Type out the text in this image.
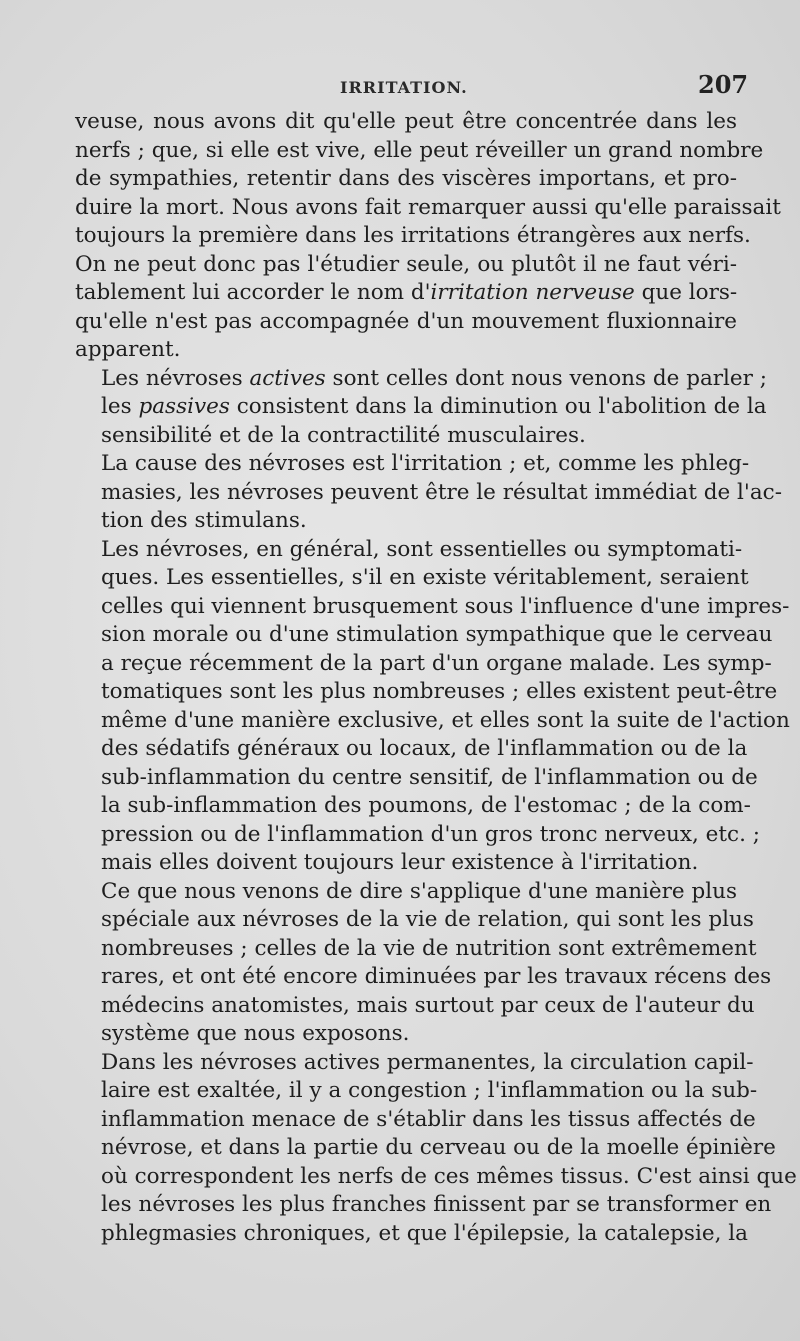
IRRITATION.	207

veuse, nous avons dit qu'elle peut être concentrée dans les
nerfs ; que, si elle est vive, elle peut réveiller un grand nombre
de sympathies, retentir dans des viscères importans, et pro-
duire la mort. Nous avons fait remarquer aussi qu'elle paraissait
toujours la première dans les irritations étrangères aux nerfs.
On ne peut donc pas l'étudier seule, ou plutôt il ne faut véri-
tablement lui accorder le nom d'irritation nerveuse que lors-
qu'elle n'est pas accompagnée d'un mouvement fluxionnaire
apparent.

Les névroses actives sont celles dont nous venons de parler ;
les passives consistent dans la diminution ou l'abolition de la
sensibilité et de la contractilité musculaires.

La cause des névroses est l'irritation ; et, comme les phleg-
masies, les névroses peuvent être le résultat immédiat de l'ac-
tion des stimulans.

Les névroses, en général, sont essentielles ou symptomati-
ques. Les essentielles, s'il en existe véritablement, seraient
celles qui viennent brusquement sous l'influence d'une impres-
sion morale ou d'une stimulation sympathique que le cerveau
a reçue récemment de la part d'un organe malade. Les symp-
tomatiques sont les plus nombreuses ; elles existent peut-être
même d'une manière exclusive, et elles sont la suite de l'action
des sédatifs généraux ou locaux, de l'inflammation ou de la
sub-inflammation du centre sensitif, de l'inflammation ou de
la sub-inflammation des poumons, de l'estomac ; de la com-
pression ou de l'inflammation d'un gros tronc nerveux, etc. ;
mais elles doivent toujours leur existence à l'irritation.

Ce que nous venons de dire s'applique d'une manière plus
spéciale aux névroses de la vie de relation, qui sont les plus
nombreuses ; celles de la vie de nutrition sont extrêmement
rares, et ont été encore diminuées par les travaux récens des
médecins anatomistes, mais surtout par ceux de l'auteur du
système que nous exposons.

Dans les névroses actives permanentes, la circulation capil-
laire est exaltée, il y a congestion ; l'inflammation ou la sub-
inflammation menace de s'établir dans les tissus affectés de
névrose, et dans la partie du cerveau ou de la moelle épinière
où correspondent les nerfs de ces mêmes tissus. C'est ainsi que
les névroses les plus franches finissent par se transformer en
phlegmasies chroniques, et que l'épilepsie, la catalepsie, la
